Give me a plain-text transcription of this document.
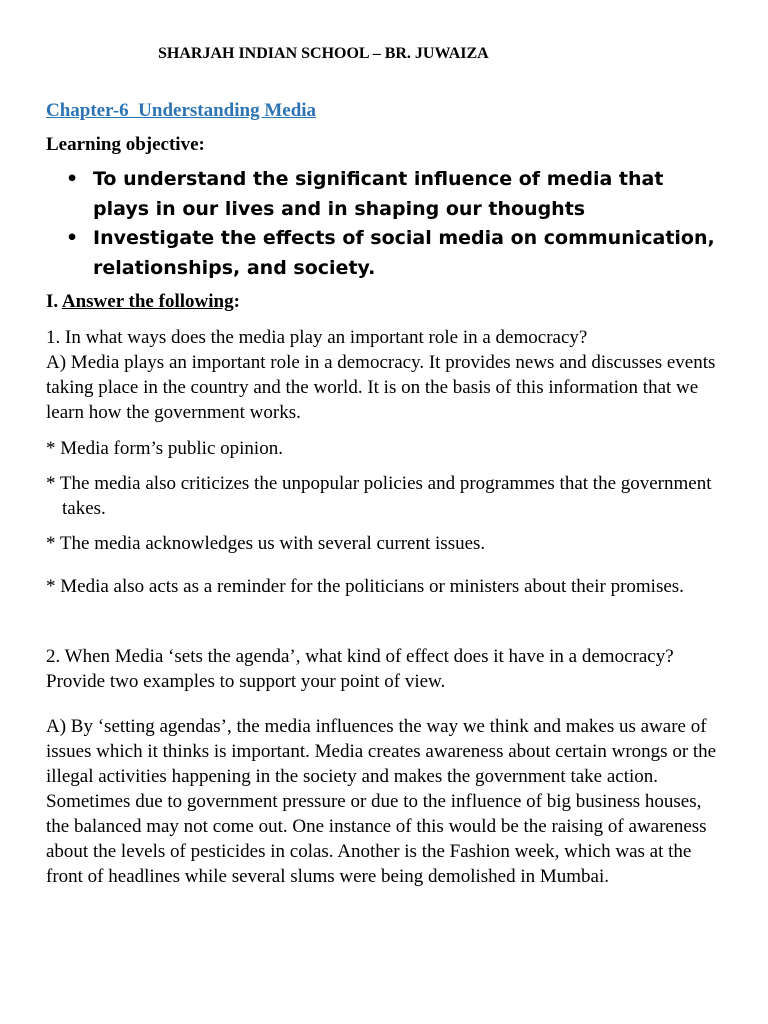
SHARJAH INDIAN SCHOOL – BR. JUWAIZA

Chapter-6  Understanding Media

Learning objective:

• To understand the significant influence of media that plays in our lives and in shaping our thoughts
• Investigate the effects of social media on communication, relationships, and society.

I. Answer the following:

1. In what ways does the media play an important role in a democracy?

A) Media plays an important role in a democracy. It provides news and discusses events taking place in the country and the world. It is on the basis of this information that we learn how the government works.

* Media form’s public opinion.

* The media also criticizes the unpopular policies and programmes that the government takes.

* The media acknowledges us with several current issues.

* Media also acts as a reminder for the politicians or ministers about their promises.

2. When Media ‘sets the agenda’, what kind of effect does it have in a democracy? Provide two examples to support your point of view.

A) By ‘setting agendas’, the media influences the way we think and makes us aware of issues which it thinks is important. Media creates awareness about certain wrongs or the illegal activities happening in the society and makes the government take action. Sometimes due to government pressure or due to the influence of big business houses, the balanced may not come out. One instance of this would be the raising of awareness about the levels of pesticides in colas. Another is the Fashion week, which was at the front of headlines while several slums were being demolished in Mumbai.
